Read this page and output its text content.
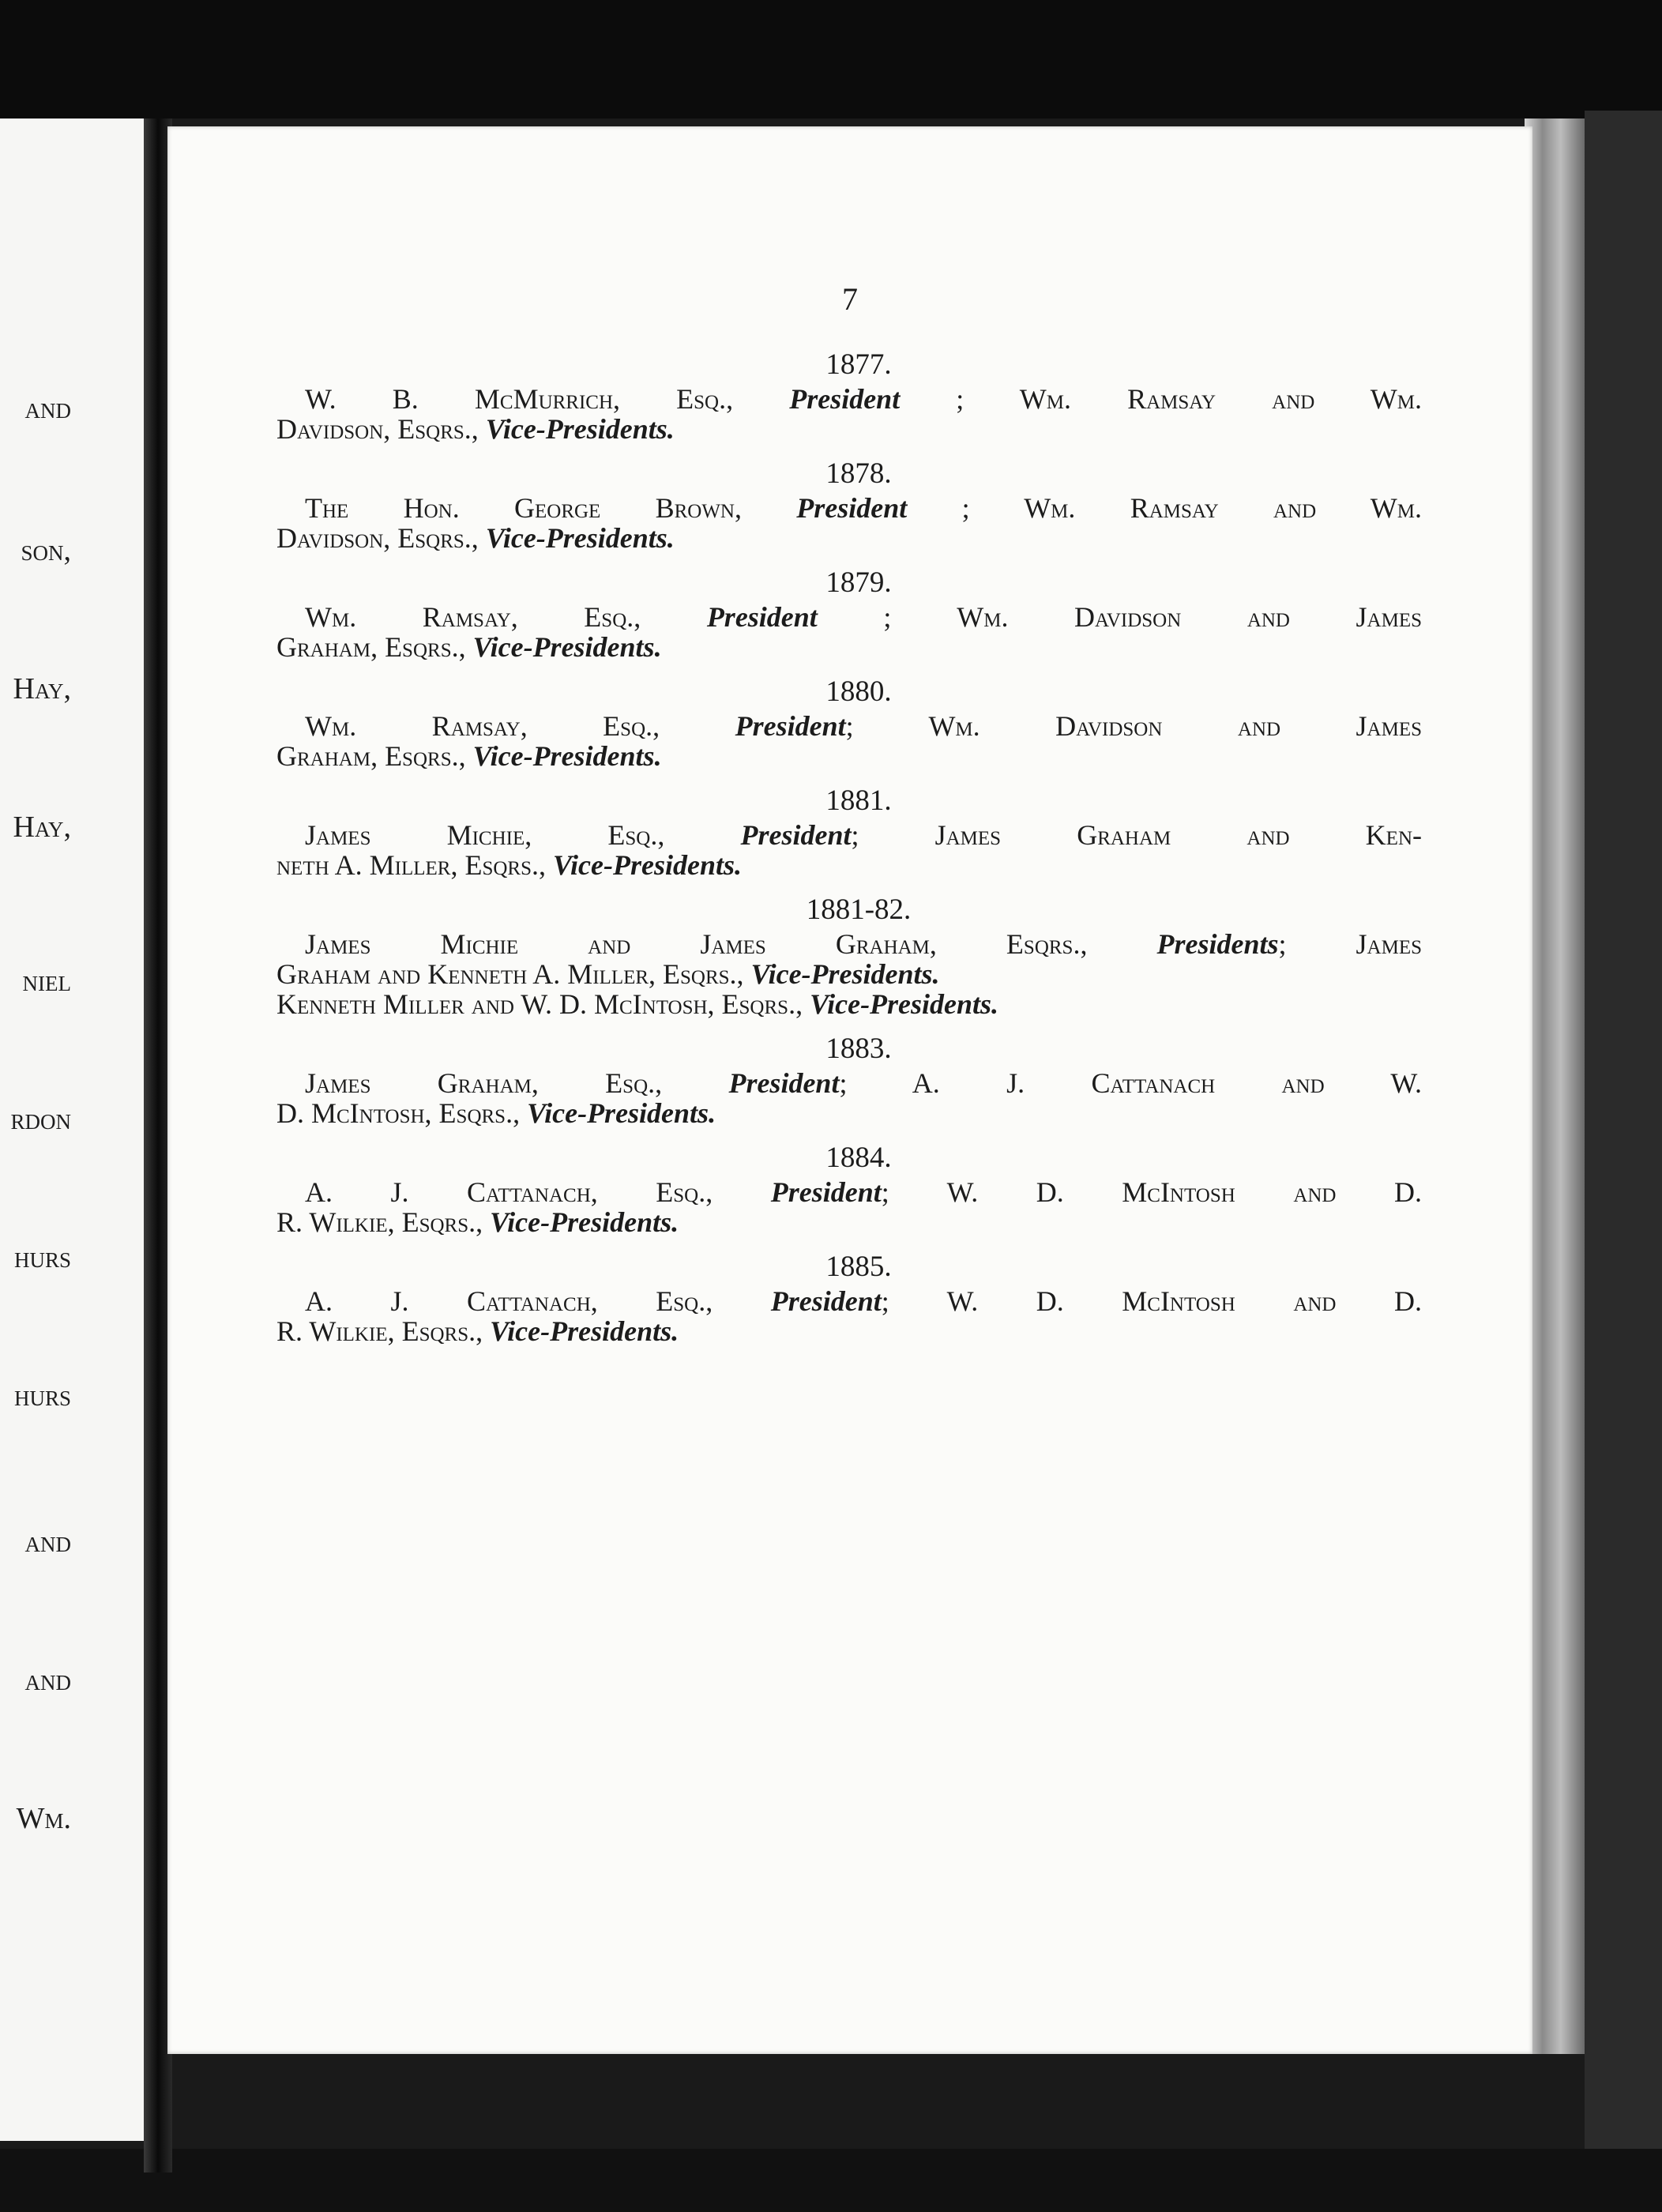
and
son,
Hay,
Hay,
niel
rdon
hurs
hurs
and
and
Wm.
7
1877.
W. B. McMurrich, Esq., President ; Wm. Ramsay and Wm.
Davidson, Esqrs., Vice-Presidents.
1878.
The Hon. George Brown, President ; Wm. Ramsay and Wm.
Davidson, Esqrs., Vice-Presidents.
1879.
Wm. Ramsay, Esq., President ; Wm. Davidson and James
Graham, Esqrs., Vice-Presidents.
1880.
Wm. Ramsay, Esq., President; Wm. Davidson and James
Graham, Esqrs., Vice-Presidents.
1881.
James Michie, Esq., President; James Graham and Ken-
neth A. Miller, Esqrs., Vice-Presidents.
1881-82.
James Michie and James Graham, Esqrs., Presidents; James
Graham and Kenneth A. Miller, Esqrs., Vice-Presidents.
Kenneth Miller and W. D. McIntosh, Esqrs., Vice-Presidents.
1883.
James Graham, Esq., President; A. J. Cattanach and W.
D. McIntosh, Esqrs., Vice-Presidents.
1884.
A. J. Cattanach, Esq., President; W. D. McIntosh and D.
R. Wilkie, Esqrs., Vice-Presidents.
1885.
A. J. Cattanach, Esq., President; W. D. McIntosh and D.
R. Wilkie, Esqrs., Vice-Presidents.
